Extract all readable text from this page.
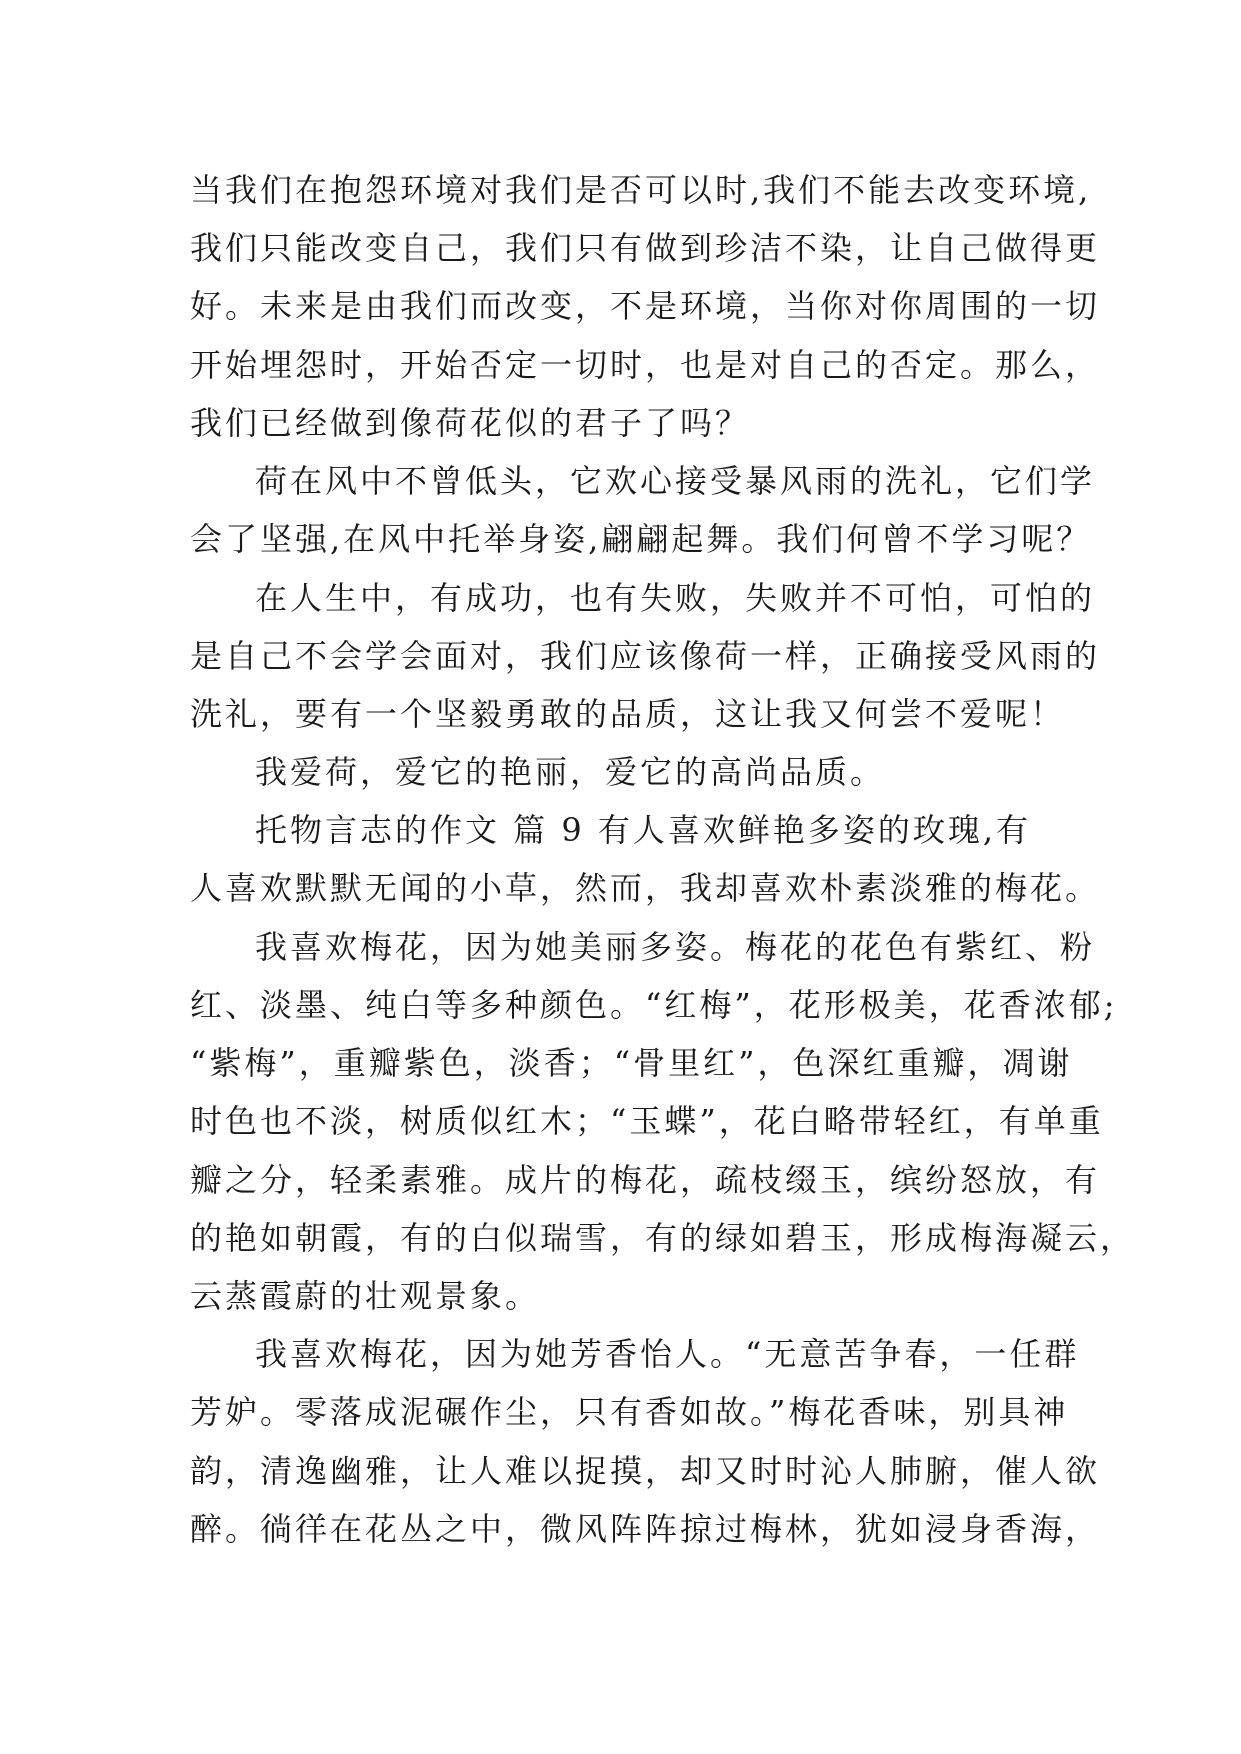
当我们在抱怨环境对我们是否可以时,我们不能去改变环境,
我们只能改变自己，我们只有做到珍洁不染，让自己做得更
好。未来是由我们而改变，不是环境，当你对你周围的一切
开始埋怨时，开始否定一切时，也是对自己的否定。那么，
我们已经做到像荷花似的君子了吗？
荷在风中不曾低头，它欢心接受暴风雨的洗礼，它们学
会了坚强,在风中托举身姿,翩翩起舞。我们何曾不学习呢？
在人生中，有成功，也有失败，失败并不可怕，可怕的
是自己不会学会面对，我们应该像荷一样，正确接受风雨的
洗礼，要有一个坚毅勇敢的品质，这让我又何尝不爱呢！
我爱荷，爱它的艳丽，爱它的高尚品质。
托物言志的作文 篇 9 有人喜欢鲜艳多姿的玫瑰,有
人喜欢默默无闻的小草，然而，我却喜欢朴素淡雅的梅花。
我喜欢梅花，因为她美丽多姿。梅花的花色有紫红、粉
红、淡墨、纯白等多种颜色。“红梅”，花形极美，花香浓郁;
“紫梅”，重瓣紫色，淡香；“骨里红”，色深红重瓣，凋谢
时色也不淡，树质似红木；“玉蝶”，花白略带轻红，有单重
瓣之分，轻柔素雅。成片的梅花，疏枝缀玉，缤纷怒放，有
的艳如朝霞，有的白似瑞雪，有的绿如碧玉，形成梅海凝云，
云蒸霞蔚的壮观景象。
我喜欢梅花，因为她芳香怡人。“无意苦争春，一任群
芳妒。零落成泥碾作尘，只有香如故。”梅花香味，别具神
韵，清逸幽雅，让人难以捉摸，却又时时沁人肺腑，催人欲
醉。徜徉在花丛之中，微风阵阵掠过梅林，犹如浸身香海，
